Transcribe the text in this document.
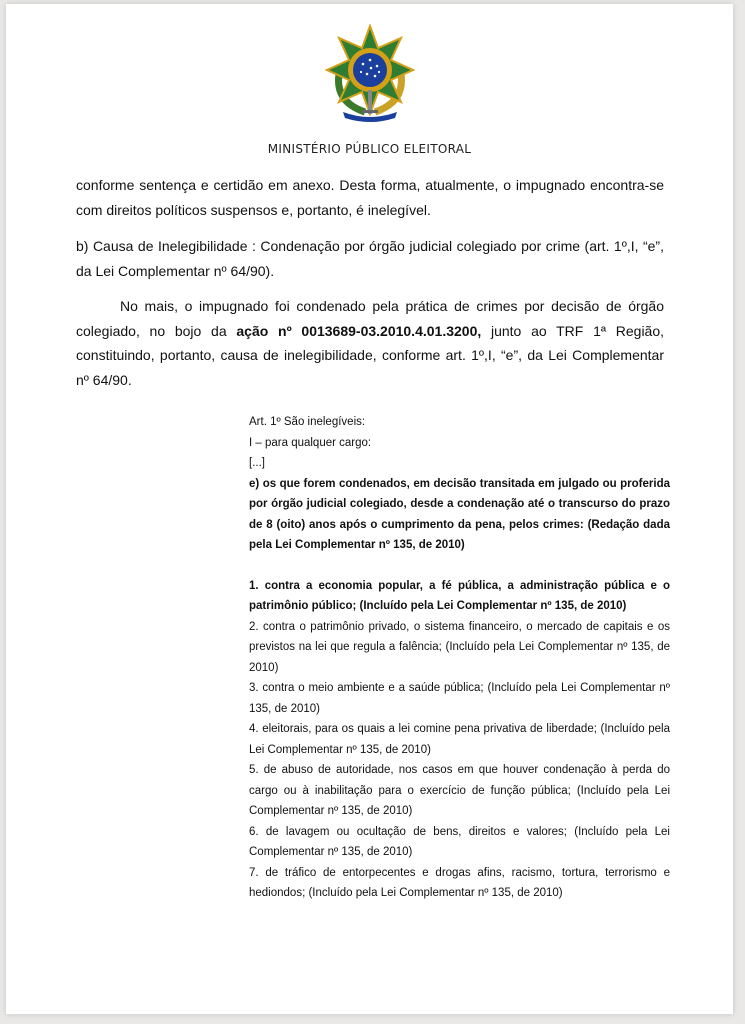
MINISTÉRIO PÚBLICO ELEITORAL

conforme sentença e certidão em anexo. Desta forma, atualmente, o impugnado encontra-se com direitos políticos suspensos e, portanto, é inelegível.

b) Causa de Inelegibilidade : Condenação por órgão judicial colegiado por crime (art. 1º,I, “e”, da Lei Complementar nº 64/90).

No mais, o impugnado foi condenado pela prática de crimes por decisão de órgão colegiado, no bojo da ação nº 0013689-03.2010.4.01.3200, junto ao TRF 1ª Região, constituindo, portanto, causa de inelegibilidade, conforme art. 1º,I, “e”, da Lei Complementar nº 64/90.

Art. 1º São inelegíveis:
I – para qualquer cargo:
[...]
e) os que forem condenados, em decisão transitada em julgado ou proferida por órgão judicial colegiado, desde a condenação até o transcurso do prazo de 8 (oito) anos após o cumprimento da pena, pelos crimes: (Redação dada pela Lei Complementar nº 135, de 2010)
1. contra a economia popular, a fé pública, a administração pública e o patrimônio público; (Incluído pela Lei Complementar nº 135, de 2010)
2. contra o patrimônio privado, o sistema financeiro, o mercado de capitais e os previstos na lei que regula a falência; (Incluído pela Lei Complementar nº 135, de 2010)
3. contra o meio ambiente e a saúde pública; (Incluído pela Lei Complementar nº 135, de 2010)
4. eleitorais, para os quais a lei comine pena privativa de liberdade; (Incluído pela Lei Complementar nº 135, de 2010)
5. de abuso de autoridade, nos casos em que houver condenação à perda do cargo ou à inabilitação para o exercício de função pública; (Incluído pela Lei Complementar nº 135, de 2010)
6. de lavagem ou ocultação de bens, direitos e valores; (Incluído pela Lei Complementar nº 135, de 2010)
7. de tráfico de entorpecentes e drogas afins, racismo, tortura, terrorismo e hediondos; (Incluído pela Lei Complementar nº 135, de 2010)
